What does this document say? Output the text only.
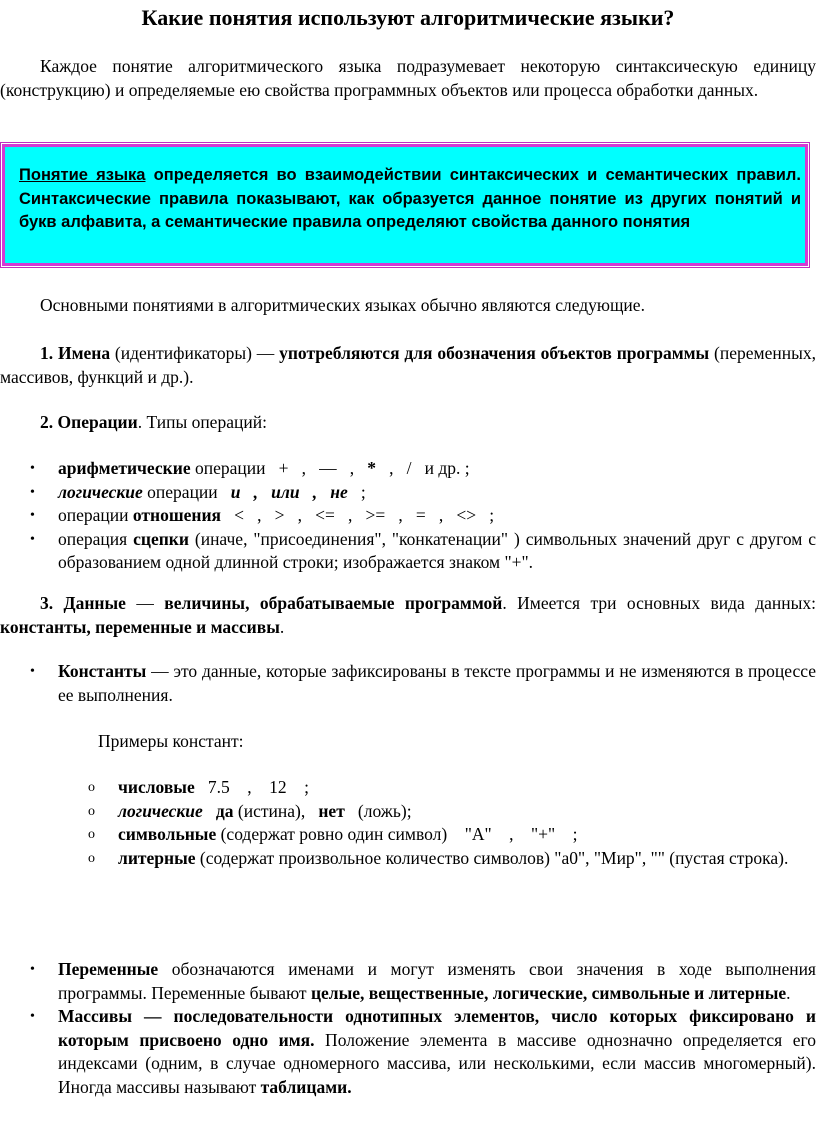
Какие понятия используют алгоритмические языки?

Каждое понятие алгоритмического языка подразумевает некоторую синтаксическую единицу (конструкцию) и определяемые ею свойства программных объектов или процесса обработки данных.

Понятие языка определяется во взаимодействии синтаксических и семантических правил. Синтаксические правила показывают, как образуется данное понятие из других понятий и букв алфавита, а семантические правила определяют свойства данного понятия

Основными понятиями в алгоритмических языках обычно являются следующие.

1. Имена (идентификаторы) — употребляются для обозначения объектов программы (переменных, массивов, функций и др.).

2. Операции. Типы операций:

• арифметические операции   +   ,   —   ,   *   ,   /   и др. ;
• логические операции   и   ,   или   ,   не   ;
• операции отношения   <   ,   >   ,   <=   ,   >=   ,   =   ,   <>   ;
• операция сцепки (иначе, "присоединения", "конкатенации" ) символьных значений друг с другом с образованием одной длинной строки; изображается знаком "+".

3. Данные — величины, обрабатываемые программой. Имеется три основных вида данных: константы, переменные и массивы.

• Константы — это данные, которые зафиксированы в тексте программы и не изменяются в процессе ее выполнения.

Примеры констант:

o числовые   7.5    ,    12    ;
o логические да (истина),   нет   (ложь);
o символьные (содержат ровно один символ)    "A"    ,    "+"    ;
o литерные (содержат произвольное количество символов) "a0", "Мир", "" (пустая строка).
• Переменные обозначаются именами и могут изменять свои значения в ходе выполнения программы. Переменные бывают целые, вещественные, логические, символьные и литерные.
• Массивы — последовательности однотипных элементов, число которых фиксировано и которым присвоено одно имя. Положение элемента в массиве однозначно определяется его индексами (одним, в случае одномерного массива, или несколькими, если массив многомерный). Иногда массивы называют таблицами.
